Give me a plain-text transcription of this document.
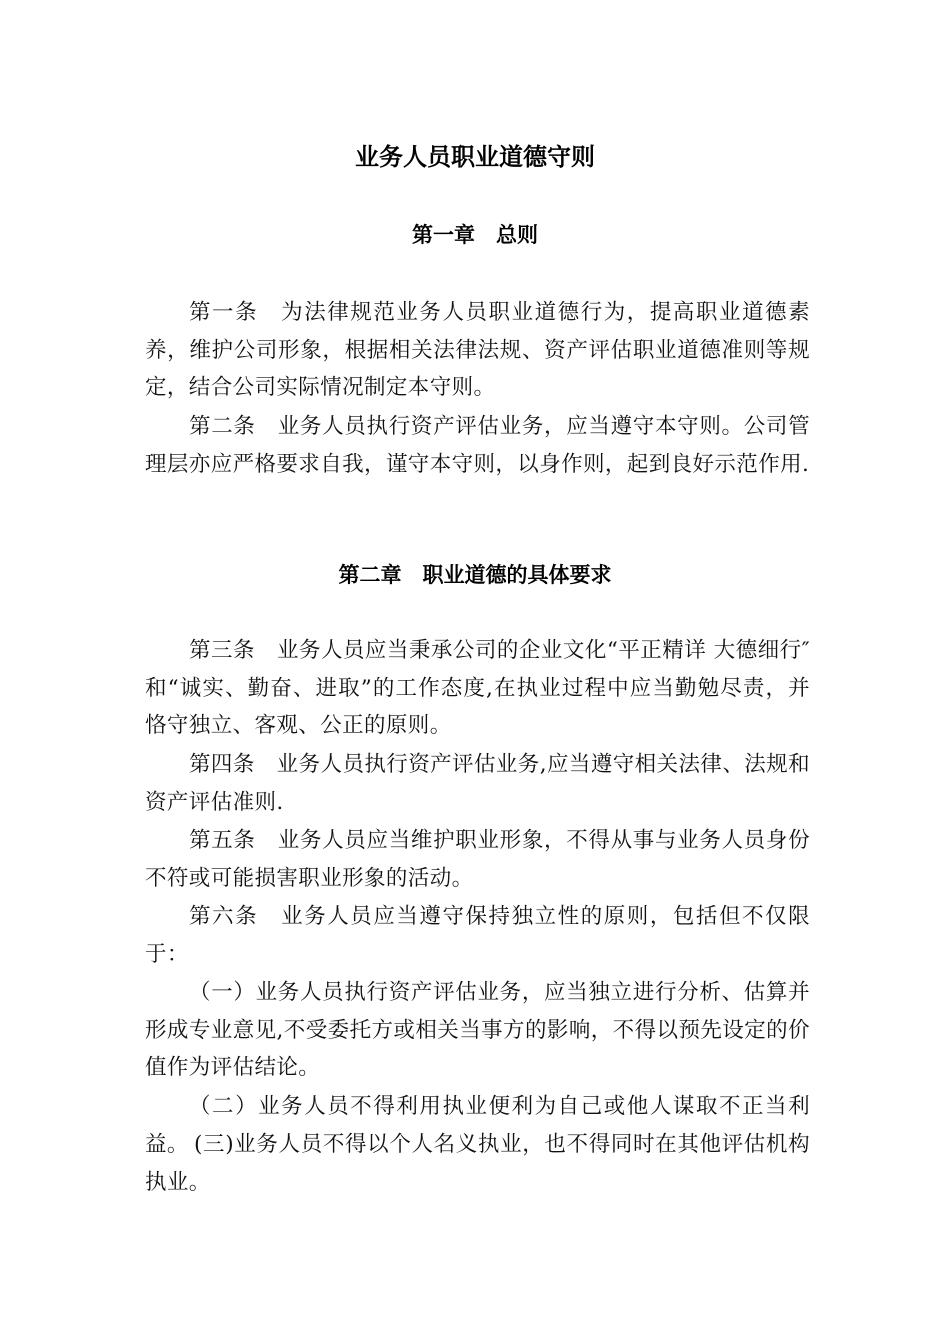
业务人员职业道德守则
第一章　总则
第一条　为法律规范业务人员职业道德行为，提高职业道德素养，维护公司形象，根据相关法律法规、资产评估职业道德准则等规定，结合公司实际情况制定本守则。
第二条　业务人员执行资产评估业务，应当遵守本守则。公司管理层亦应严格要求自我，谨守本守则，以身作则，起到良好示范作用.
第二章　职业道德的具体要求
第三条　业务人员应当秉承公司的企业文化“平正精详 大德细行″和“诚实、勤奋、进取”的工作态度,在执业过程中应当勤勉尽责，并恪守独立、客观、公正的原则。
第四条　业务人员执行资产评估业务,应当遵守相关法律、法规和资产评估准则.
第五条　业务人员应当维护职业形象，不得从事与业务人员身份不符或可能损害职业形象的活动。
第六条　业务人员应当遵守保持独立性的原则，包括但不仅限于：
（一）业务人员执行资产评估业务，应当独立进行分析、估算并形成专业意见,不受委托方或相关当事方的影响，不得以预先设定的价值作为评估结论。
（二）业务人员不得利用执业便利为自己或他人谋取不正当利益。 (三)业务人员不得以个人名义执业，也不得同时在其他评估机构执业。
